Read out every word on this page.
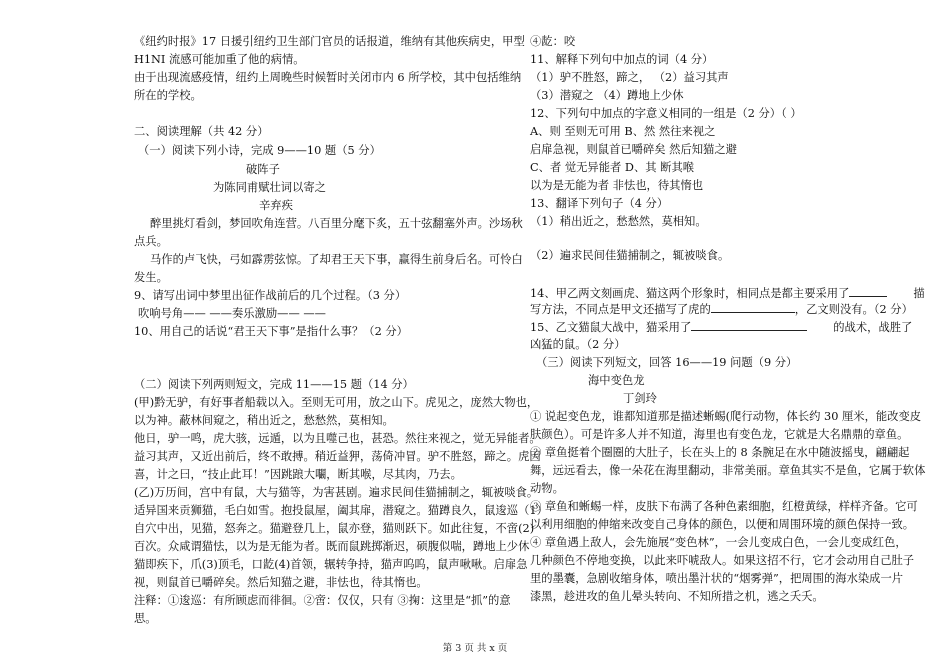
《纽约时报》17 日援引纽约卫生部门官员的话报道，维纳有其他疾病史，甲型

H1NI 流感可能加重了他的病情。

由于出现流感疫情，纽约上周晚些时候暂时关闭市内 6 所学校，其中包括维纳

所在的学校。

二、阅读理解（共 42 分）

（一）阅读下列小诗，完成 9——10 题（5 分）

破阵子

为陈同甫赋壮词以寄之

辛弃疾

醉里挑灯看剑，梦回吹角连营。八百里分麾下炙，五十弦翻塞外声。沙场秋

点兵。

马作的卢飞快，弓如霹雳弦惊。了却君王天下事，赢得生前身后名。可怜白

发生。

9、请写出词中梦里出征作战前后的几个过程。（3 分）

吹响号角—— ——奏乐激励—— ——

10、用自己的话说“君王天下事”是指什么事？（2 分）

（二）阅读下列两则短文，完成 11——15 题（14 分）

(甲)黔无驴，有好事者船载以入。至则无可用，放之山下。虎见之，庞然大物也，

以为神。蔽林间窥之，稍出近之，愁愁然，莫相知。

他日，驴一鸣，虎大骇，远遁，以为且噬己也，甚恐。然往来视之，觉无异能者。

益习其声，又近出前后，终不敢搏。稍近益狎，荡倚冲冒。驴不胜怒，蹄之。虎因

喜，计之曰，“技止此耳！”因跳踉大㘚，断其喉，尽其肉，乃去。

(乙)万历间，宫中有鼠，大与猫等，为害甚剧。遍求民间佳猫捕制之，辄被啖食。

适异国来贡狮猫，毛白如雪。抱投鼠屋，阖其扉，潜窥之。猫蹲良久，鼠逡巡（1）

自穴中出，见猫，怒奔之。猫避登几上，鼠亦登，猫则跃下。如此往复，不啻(2)

百次。众咸谓猫怯，以为是无能为者。既而鼠跳掷渐迟，硕腹似喘，蹲地上少休

猫即疾下，爪(3)顶毛，口龁(4)首领，辗转争持，猫声呜呜，鼠声啾啾。启扉急

视，则鼠首已嚼碎矣。然后知猫之避，非怯也，待其惰也。

注释：①逡巡：有所顾虑而徘徊。②啻：仅仅，只有 ③掬：这里是“抓”的意

思。

④龁：咬

11、解释下列句中加点的词（4 分）

（1）驴不胜怒，蹄之， （2）益习其声

（3）潜窥之 （4）蹲地上少休

12、下列句中加点的字意义相同的一组是（2 分）（ ）

A、则 至则无可用 B、然 然往来视之

启扉急视，则鼠首已嚼碎矣 然后知猫之避

C、者 觉无异能者 D、其 断其喉

以为是无能为者 非怯也，待其惰也

13、翻译下列句子（4 分）

（1）稍出近之，愁愁然，莫相知。

（2）遍求民间佳猫捕制之，辄被啖食。

14、甲乙两文刻画虎、猫这两个形象时，相同点是都主要采用了	描

写方法，不同点是甲文还描写了虎的	，乙文则没有。（2 分）

15、乙文猫鼠大战中，猫采用了	的战术，战胜了

凶猛的鼠。（2 分）

（三）阅读下列短文，回答 16——19 问题（9 分）

海中变色龙

丁剑玲

① 说起变色龙，谁都知道那是描述蜥蜴(爬行动物，体长约 30 厘米，能改变皮

肤颜色）。可是许多人并不知道，海里也有变色龙，它就是大名鼎鼎的章鱼。

② 章鱼挺着个圈圈的大肚子，长在头上的 8 条腕足在水中随波摇曳，翩翩起

舞，远远看去，像一朵花在海里翻动，非常美丽。章鱼其实不是鱼，它属于软体

动物。

③ 章鱼和蜥蜴一样，皮肤下布满了各种色素细胞，红橙黄绿，样样齐备。它可

以利用细胞的伸缩来改变自己身体的颜色，以便和周围环境的颜色保持一致。

④ 章鱼遇上敌人，会先施展“变色林”，一会儿变成白色，一会儿变成红色，

几种颜色不停地变换，以此来吓唬敌人。如果这招不行，它才会动用自己肚子

里的墨囊，急剧收缩身体，喷出墨汁状的“烟雾弹”，把周围的海水染成一片

漆黑，趁进攻的鱼儿晕头转向、不知所措之机，逃之夭夭。

第 3 页 共 x 页
